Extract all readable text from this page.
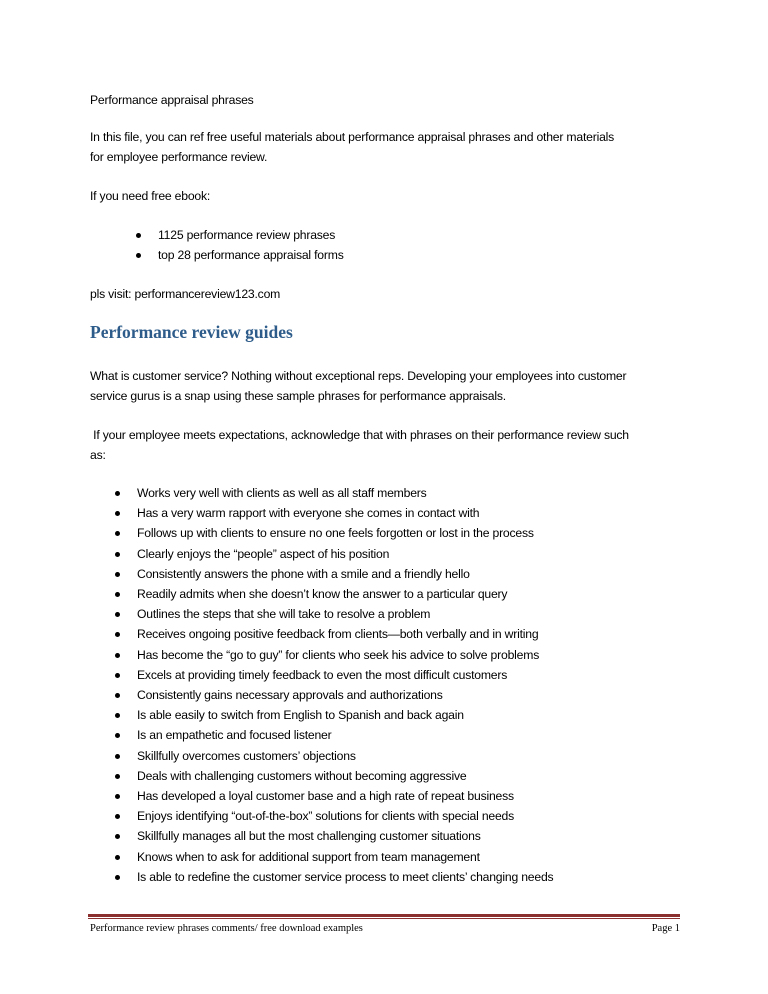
Performance appraisal phrases
In this file, you can ref free useful materials about performance appraisal phrases and other materials
for employee performance review.
If you need free ebook:
1125 performance review phrases
top 28 performance appraisal forms
pls visit: performancereview123.com
Performance review guides
What is customer service? Nothing without exceptional reps. Developing your employees into customer
service gurus is a snap using these sample phrases for performance appraisals.
If your employee meets expectations, acknowledge that with phrases on their performance review such
as:
Works very well with clients as well as all staff members
Has a very warm rapport with everyone she comes in contact with
Follows up with clients to ensure no one feels forgotten or lost in the process
Clearly enjoys the “people” aspect of his position
Consistently answers the phone with a smile and a friendly hello
Readily admits when she doesn’t know the answer to a particular query
Outlines the steps that she will take to resolve a problem
Receives ongoing positive feedback from clients—both verbally and in writing
Has become the “go to guy” for clients who seek his advice to solve problems
Excels at providing timely feedback to even the most difficult customers
Consistently gains necessary approvals and authorizations
Is able easily to switch from English to Spanish and back again
Is an empathetic and focused listener
Skillfully overcomes customers’ objections
Deals with challenging customers without becoming aggressive
Has developed a loyal customer base and a high rate of repeat business
Enjoys identifying “out-of-the-box” solutions for clients with special needs
Skillfully manages all but the most challenging customer situations
Knows when to ask for additional support from team management
Is able to redefine the customer service process to meet clients’ changing needs
Performance review phrases comments/ free download examples	Page 1
